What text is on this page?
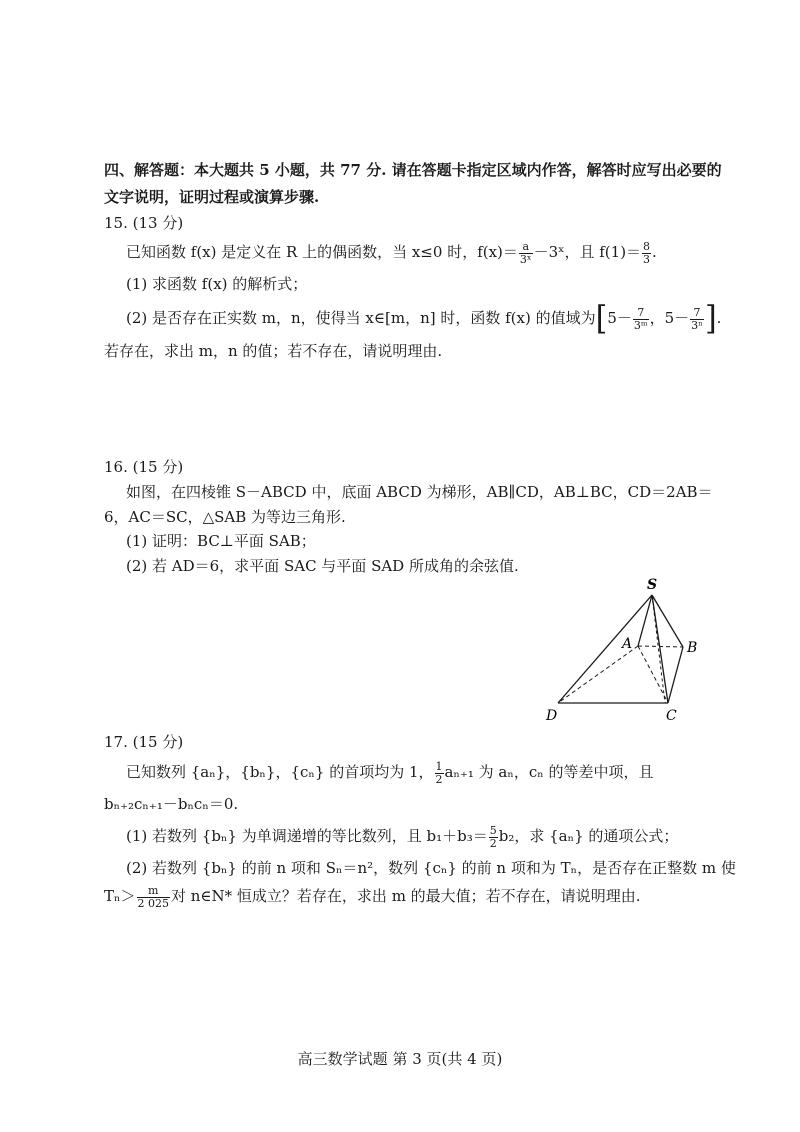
四、解答题：本大题共 5 小题，共 77 分. 请在答题卡指定区域内作答，解答时应写出必要的
文字说明，证明过程或演算步骤.
15. (13 分)
已知函数 f(x) 是定义在 R 上的偶函数，当 x≤0 时，$f(x)= \frac{a}{\text{3ˣ}}$ －3ˣ，且 $f(1)= \frac{8}{3}$ .
(1) 求函数 f(x) 的解析式；
(2) 是否存在正实数 m，n，使得当 x∈[m，n] 时，函数 f(x) 的值域为[$5- \frac{7}{\text{3ᵐ}}$ ，$5- \frac{7}{\text{3ⁿ}}$ ].
若存在，求出 m，n 的值；若不存在，请说明理由.
16. (15 分)
如图，在四棱锥 S－ABCD 中，底面 ABCD 为梯形，AB∥CD，AB⊥BC，CD＝2AB＝
6，AC＝SC，△SAB 为等边三角形.
(1) 证明：BC⊥平面 SAB；
(2) 若 AD＝6，求平面 SAC 与平面 SAD 所成角的余弦值.
S
A	B
C
D
17. (15 分)
已知数列 {aₙ}，{bₙ}，{cₙ} 的首项均为 1， $\frac{1}{2} a_{n+1}$ 为 aₙ，cₙ 的等差中项，且
bₙ₊₂cₙ₊₁－bₙcₙ＝0.
(1) 若数列 {bₙ} 为单调递增的等比数列，且 $b_1+b_3= \frac{5}{2} b_2$，求 {aₙ} 的通项公式；
(2) 若数列 {bₙ} 的前 n 项和 Sₙ＝n²，数列 {cₙ} 的前 n 项和为 Tₙ，是否存在正整数 m 使
$T_n> \frac{m}{2 025}$ 对 n∈N* 恒成立？若存在，求出 m 的最大值；若不存在，请说明理由.
高三数学试题 第 3 页(共 4 页)
